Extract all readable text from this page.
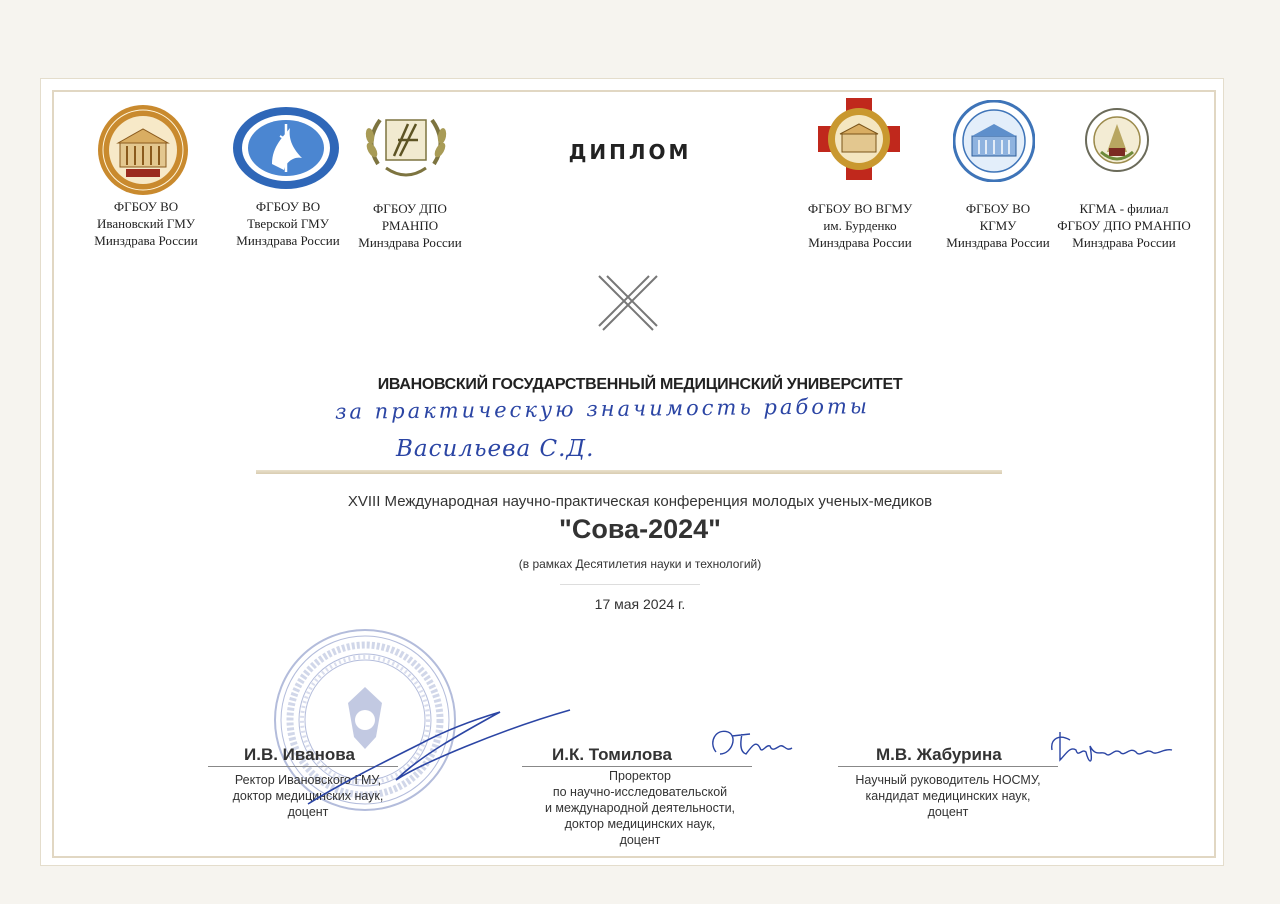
ФГБОУ ВО
Ивановский ГМУ
Минздрава России
ФГБОУ ВО
Тверской ГМУ
Минздрава России
ФГБОУ ДПО
РМАНПО
Минздрава России
ФГБОУ ВО ВГМУ
им. Бурденко
Минздрава России
ФГБОУ ВО
КГМУ
Минздрава России
КГМА - филиал
ФГБОУ ДПО РМАНПО
Минздрава России
ДИПЛОМ
ИВАНОВСКИЙ ГОСУДАРСТВЕННЫЙ МЕДИЦИНСКИЙ УНИВЕРСИТЕТ
за практическую значимость работы
Васильева С.Д.
XVIII Международная научно-практическая конференция молодых ученых-медиков
"Сова-2024"
(в рамках Десятилетия науки и технологий)
17 мая 2024 г.
И.В. Иванова
Ректор Ивановского ГМУ,
доктор медицинских наук,
доцент
И.К. Томилова
Проректор
по научно-исследовательской
и международной деятельности,
доктор медицинских наук,
доцент
М.В. Жабурина
Научный руководитель НОСМУ,
кандидат медицинских наук,
доцент
